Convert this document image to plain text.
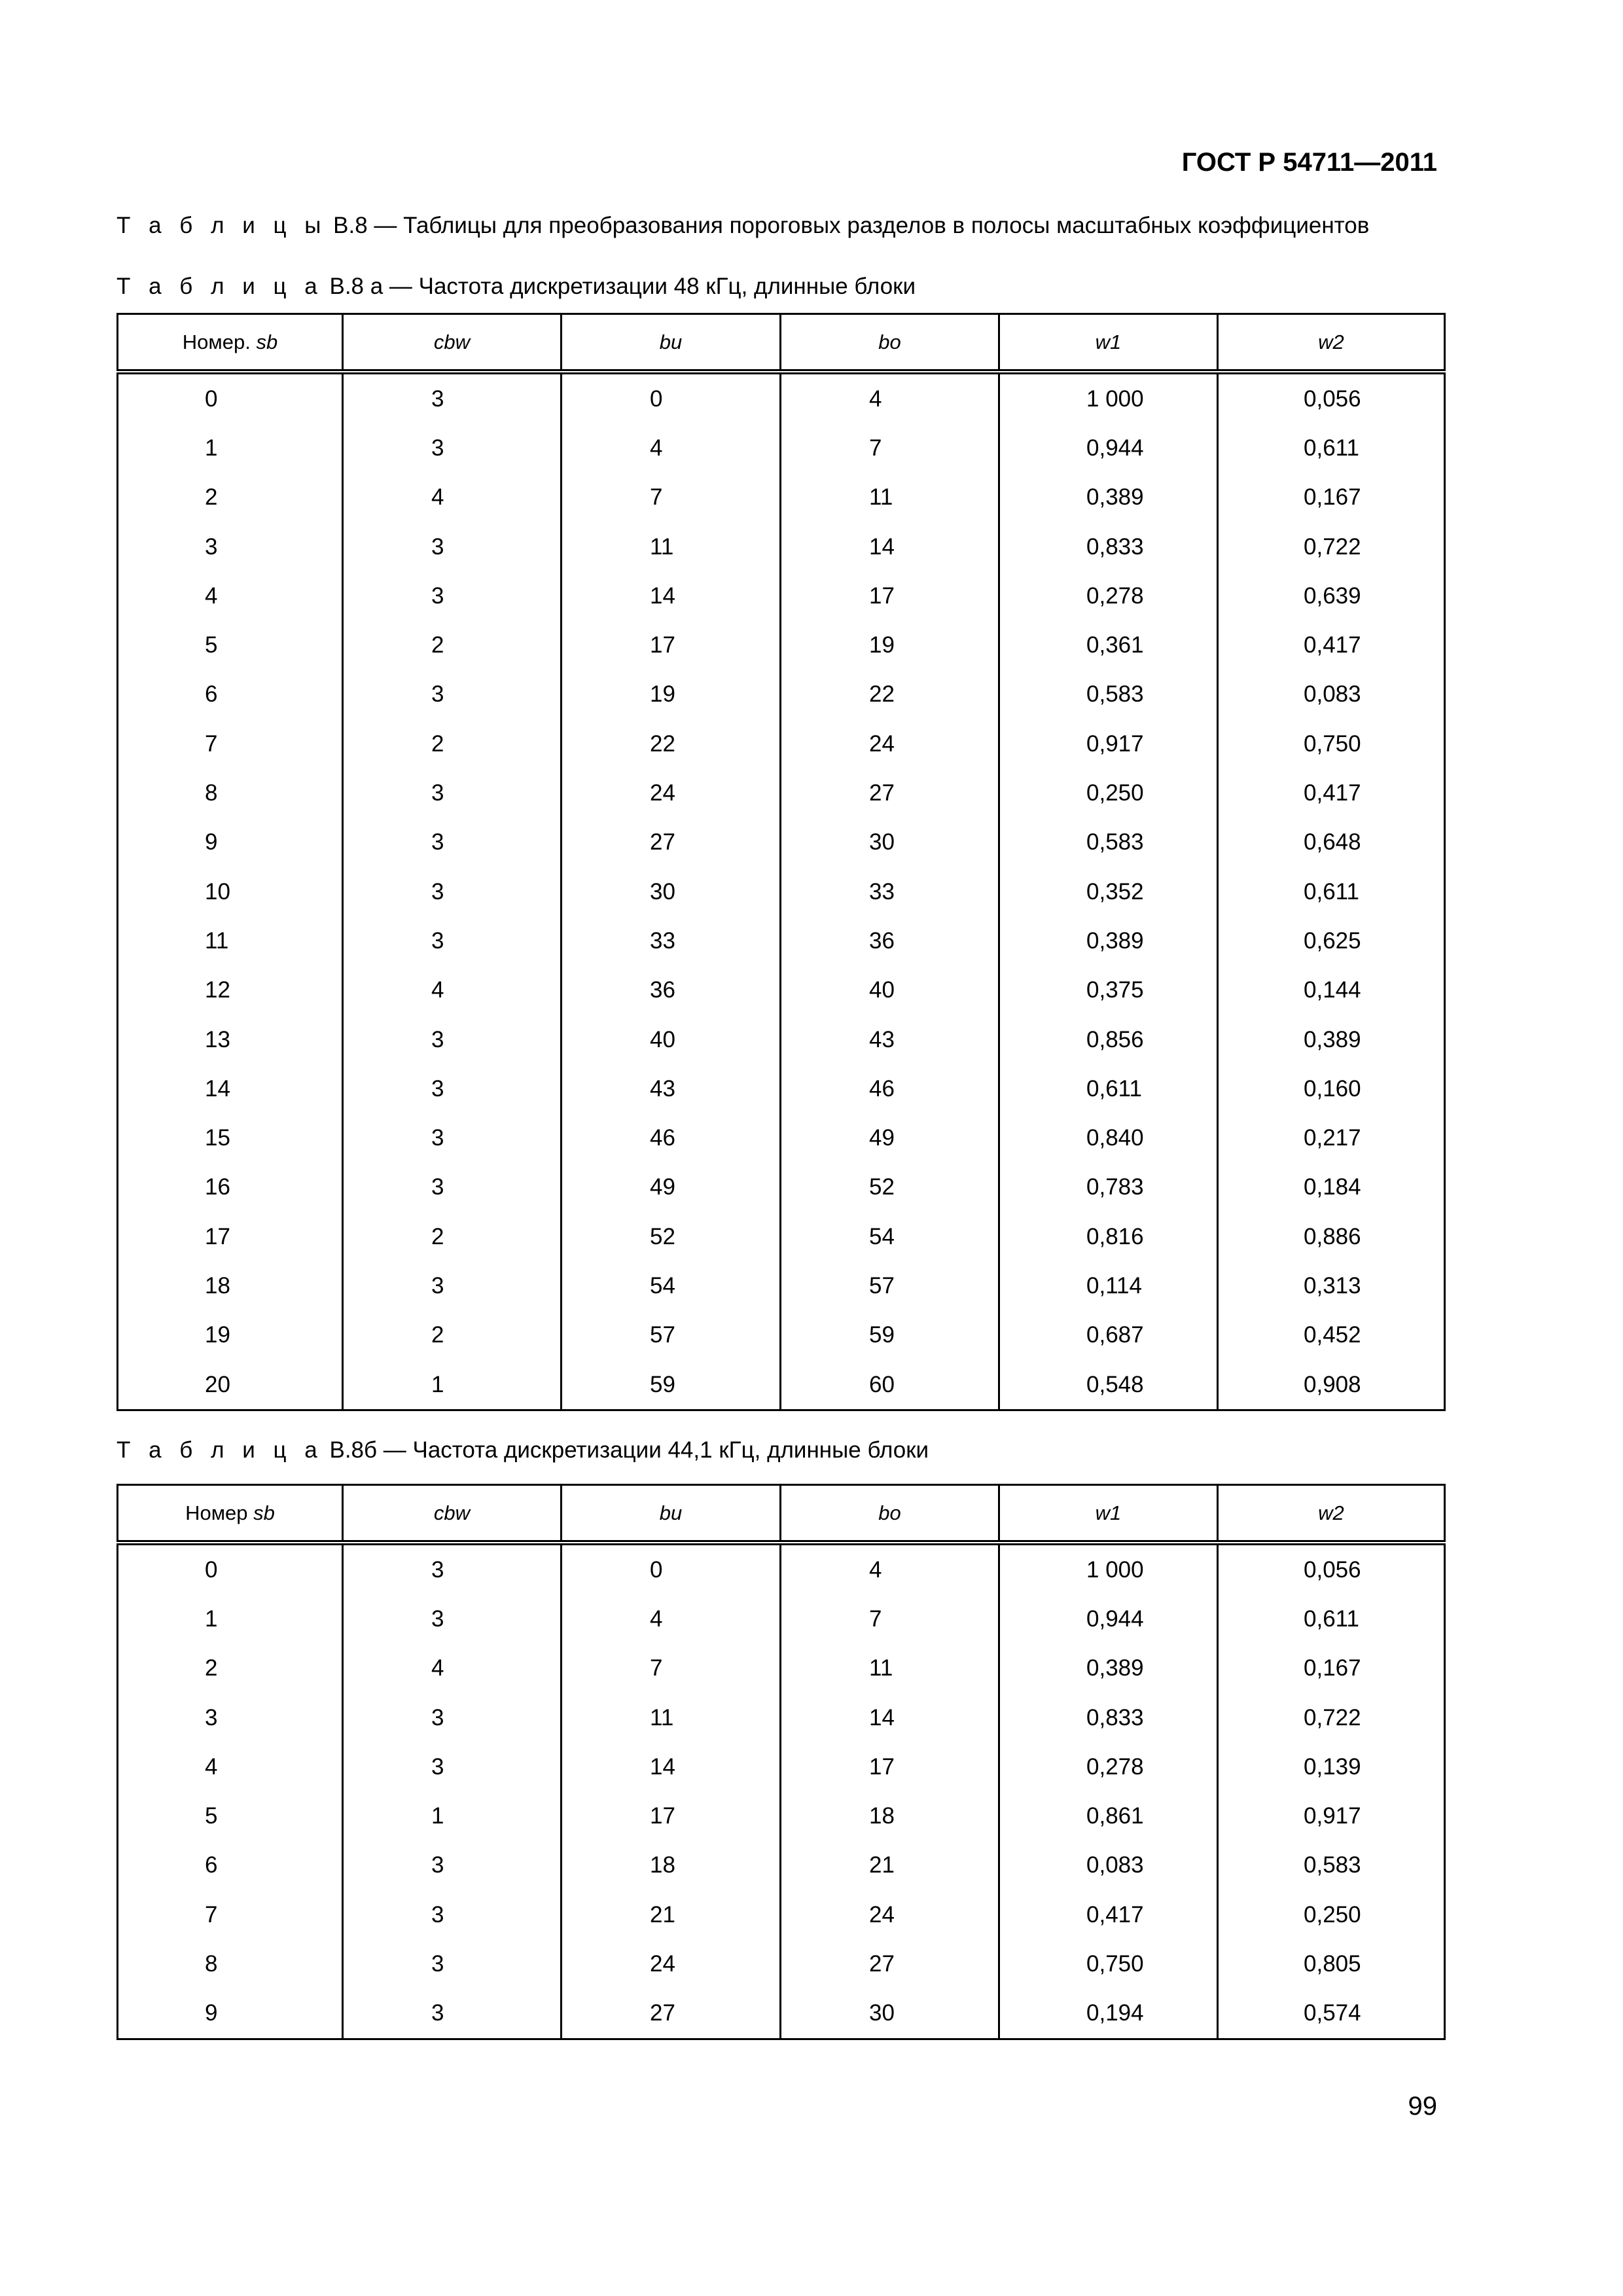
ГОСТ Р 54711—2011
Т а б л и ц ы В.8 — Таблицы для преобразования пороговых разделов в полосы масштабных коэффициентов
Т а б л и ц а В.8 а — Частота дискретизации 48 кГц, длинные блоки
Номер. sb	cbw	bu	bo	w1	w2
0	3	0	4	1 000	0,056
1	3	4	7	0,944	0,611
2	4	7	11	0,389	0,167
3	3	11	14	0,833	0,722
4	3	14	17	0,278	0,639
5	2	17	19	0,361	0,417
6	3	19	22	0,583	0,083
7	2	22	24	0,917	0,750
8	3	24	27	0,250	0,417
9	3	27	30	0,583	0,648
10	3	30	33	0,352	0,611
11	3	33	36	0,389	0,625
12	4	36	40	0,375	0,144
13	3	40	43	0,856	0,389
14	3	43	46	0,611	0,160
15	3	46	49	0,840	0,217
16	3	49	52	0,783	0,184
17	2	52	54	0,816	0,886
18	3	54	57	0,114	0,313
19	2	57	59	0,687	0,452
20	1	59	60	0,548	0,908
Т а б л и ц а В.8б — Частота дискретизации 44,1 кГц, длинные блоки
Номер sb	cbw	bu	bo	w1	w2
0	3	0	4	1 000	0,056
1	3	4	7	0,944	0,611
2	4	7	11	0,389	0,167
3	3	11	14	0,833	0,722
4	3	14	17	0,278	0,139
5	1	17	18	0,861	0,917
6	3	18	21	0,083	0,583
7	3	21	24	0,417	0,250
8	3	24	27	0,750	0,805
9	3	27	30	0,194	0,574
99
